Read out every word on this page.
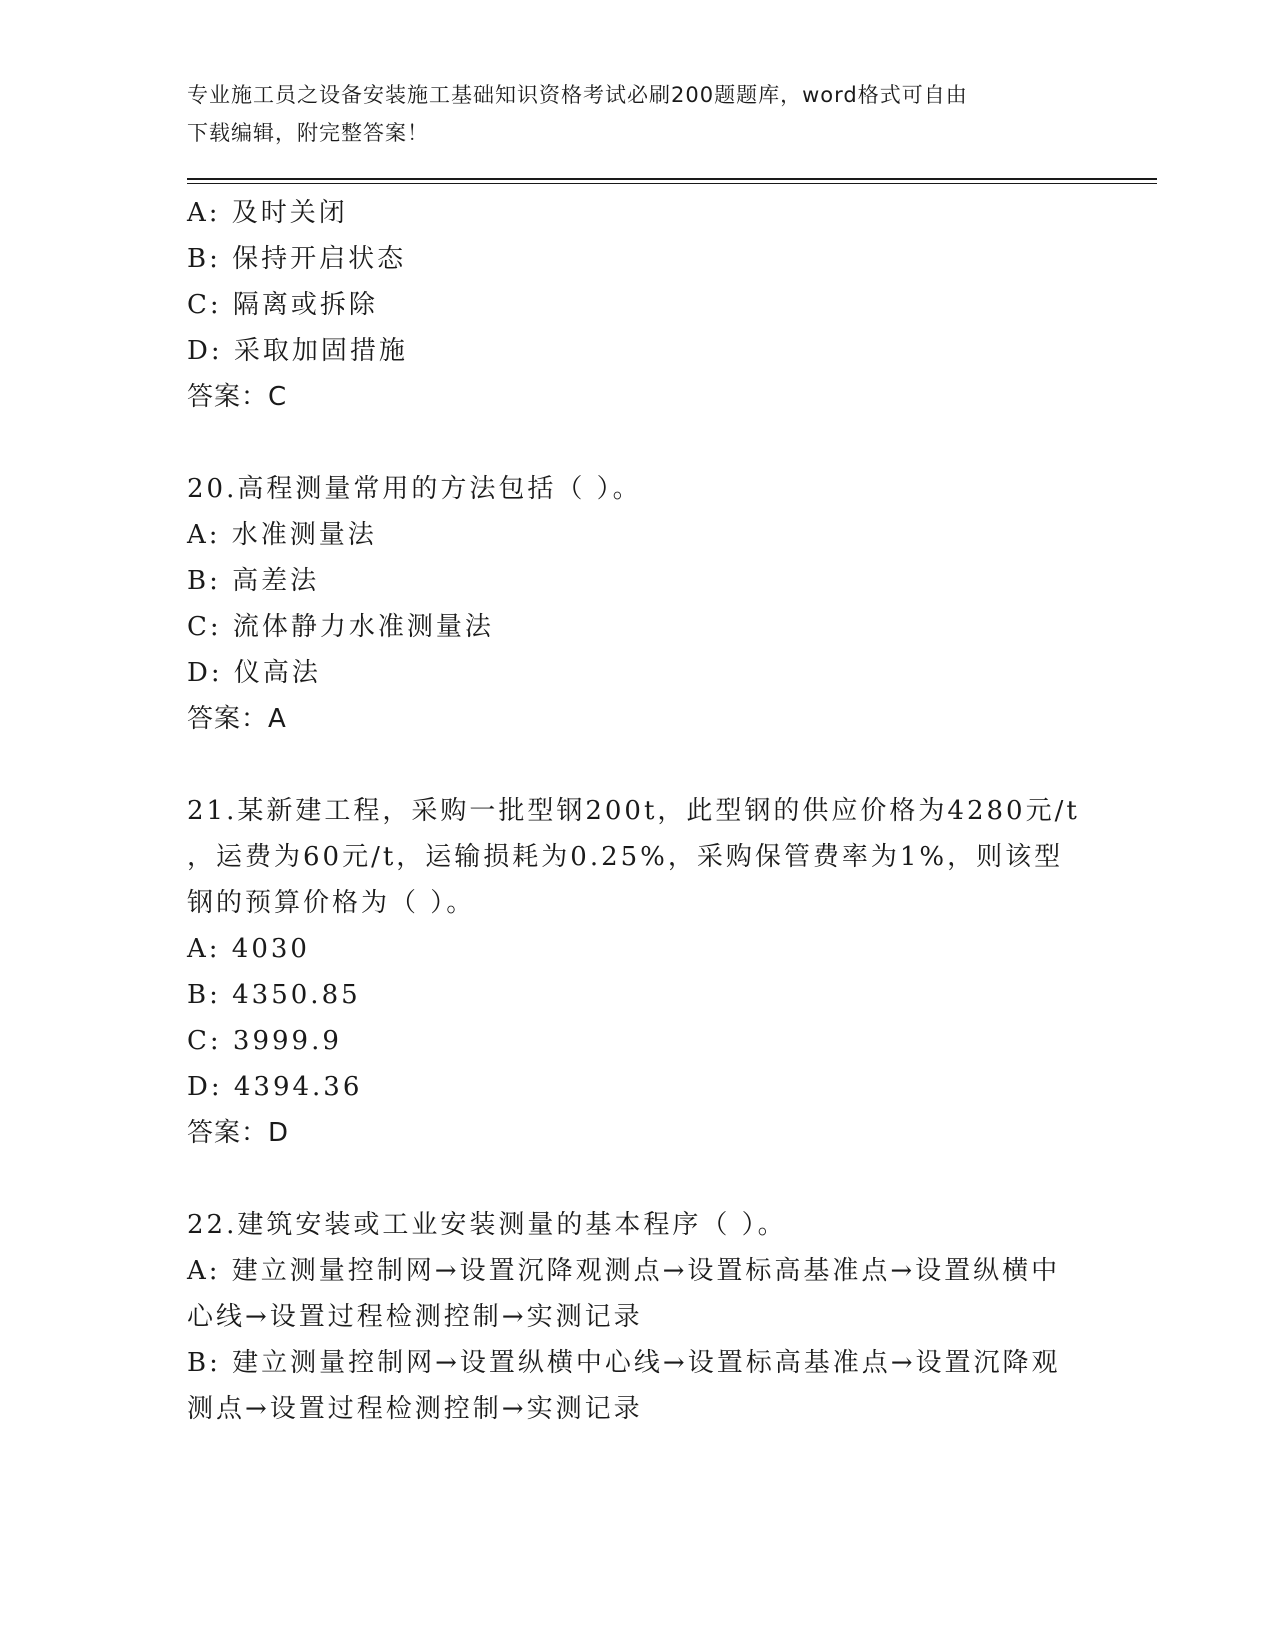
专业施工员之设备安装施工基础知识资格考试必刷200题题库，word格式可自由
下载编辑，附完整答案！
A: 及时关闭
B: 保持开启状态
C: 隔离或拆除
D: 采取加固措施
答案：C
20.高程测量常用的方法包括（ ）。
A: 水准测量法
B: 高差法
C: 流体静力水准测量法
D: 仪高法
答案：A
21.某新建工程，采购一批型钢200t，此型钢的供应价格为4280元/t
，运费为60元/t，运输损耗为0.25%，采购保管费率为1%，则该型
钢的预算价格为（ ）。
A: 4030
B: 4350.85
C: 3999.9
D: 4394.36
答案：D
22.建筑安装或工业安装测量的基本程序（ ）。
A: 建立测量控制网→设置沉降观测点→设置标高基准点→设置纵横中
心线→设置过程检测控制→实测记录
B: 建立测量控制网→设置纵横中心线→设置标高基准点→设置沉降观
测点→设置过程检测控制→实测记录
